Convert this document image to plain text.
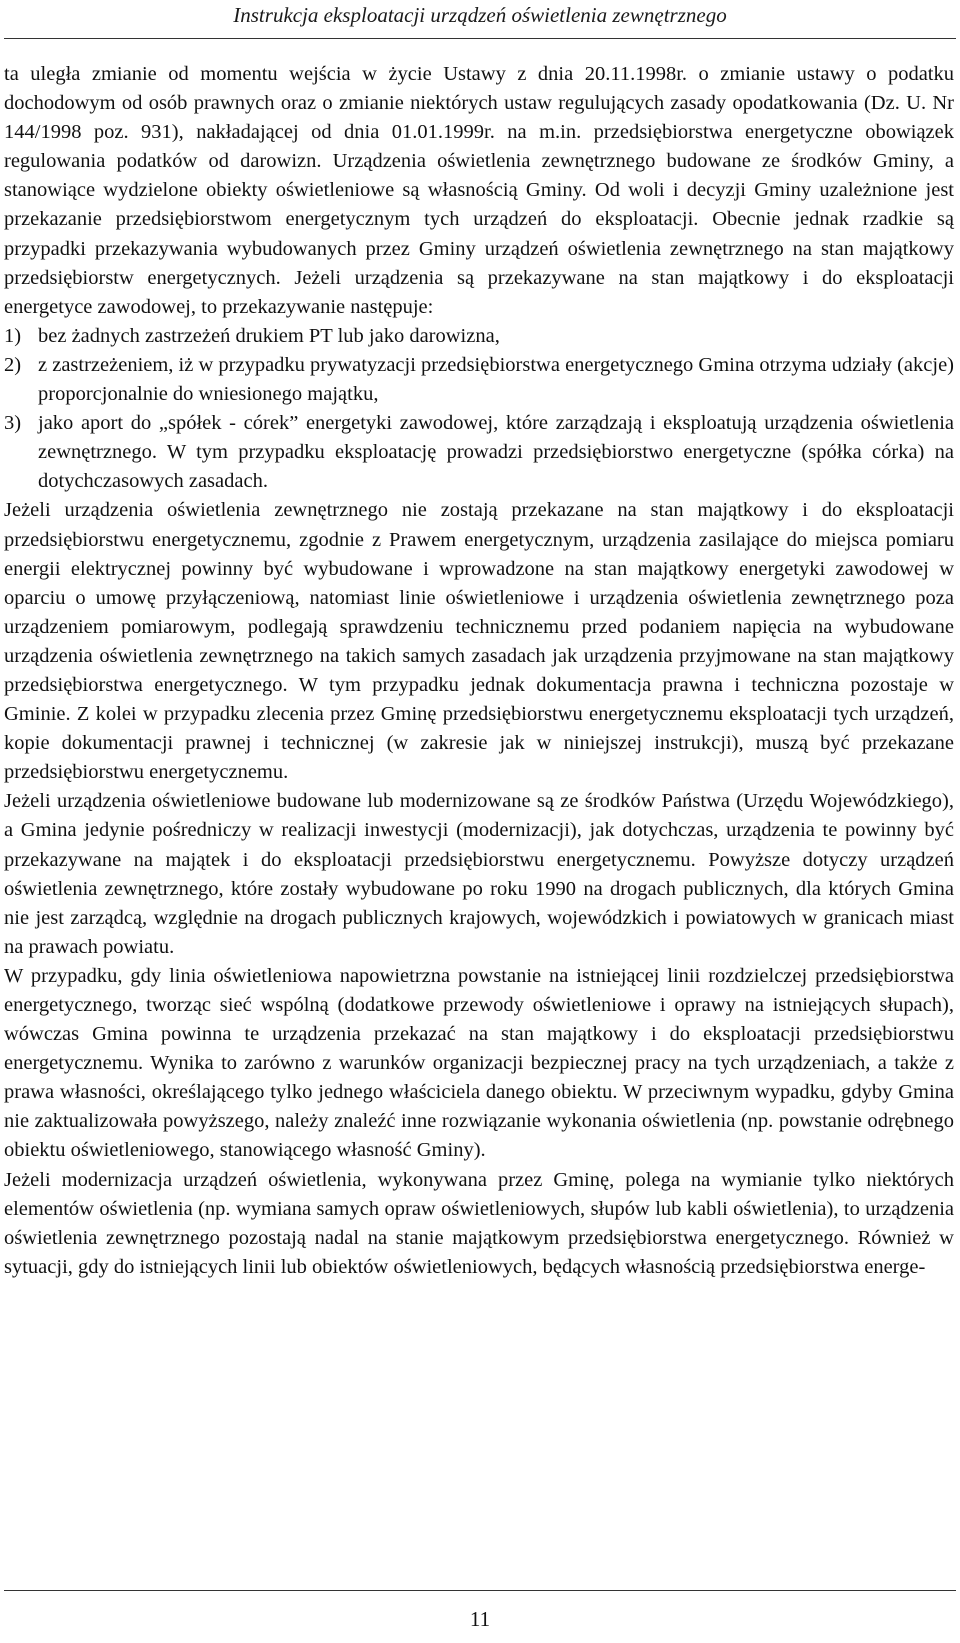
Instrukcja eksploatacji urządzeń oświetlenia zewnętrznego

ta uległa zmianie od momentu wejścia w życie Ustawy z dnia 20.11.1998r. o zmianie ustawy o podatku dochodowym od osób prawnych oraz o zmianie niektórych ustaw regulujących zasady opodatkowania (Dz. U. Nr 144/1998 poz. 931), nakładającej od dnia 01.01.1999r. na m.in. przedsiębiorstwa energetyczne obowiązek regulowania podatków od darowizn. Urządzenia oświetlenia zewnętrznego budowane ze środków Gminy, a stanowiące wydzielone obiekty oświetleniowe są własnością Gminy. Od woli i decyzji Gminy uzależnione jest przekazanie przedsiębiorstwom energetycznym tych urządzeń do eksploatacji. Obecnie jednak rzadkie są przypadki przekazywania wybudowanych przez Gminy urządzeń oświetlenia zewnętrznego na stan majątkowy przedsiębiorstw energetycznych. Jeżeli urządzenia są przekazywane na stan majątkowy i do eksploatacji energetyce zawodowej, to przekazywanie następuje:

1) bez żadnych zastrzeżeń drukiem PT lub jako darowizna,
2) z zastrzeżeniem, iż w przypadku prywatyzacji przedsiębiorstwa energetycznego Gmina otrzyma udziały (akcje) proporcjonalnie do wniesionego majątku,
3) jako aport do „spółek - córek” energetyki zawodowej, które zarządzają i eksploatują urządzenia oświetlenia zewnętrznego. W tym przypadku eksploatację prowadzi przedsiębiorstwo energetyczne (spółka córka) na dotychczasowych zasadach.

Jeżeli urządzenia oświetlenia zewnętrznego nie zostają przekazane na stan majątkowy i do eksploatacji przedsiębiorstwu energetycznemu, zgodnie z Prawem energetycznym, urządzenia zasilające do miejsca pomiaru energii elektrycznej powinny być wybudowane i wprowadzone na stan majątkowy energetyki zawodowej w oparciu o umowę przyłączeniową, natomiast linie oświetleniowe i urządzenia oświetlenia zewnętrznego poza urządzeniem pomiarowym, podlegają sprawdzeniu technicznemu przed podaniem napięcia na wybudowane urządzenia oświetlenia zewnętrznego na takich samych zasadach jak urządzenia przyjmowane na stan majątkowy przedsiębiorstwa energetycznego. W tym przypadku jednak dokumentacja prawna i techniczna pozostaje w Gminie. Z kolei w przypadku zlecenia przez Gminę przedsiębiorstwu energetycznemu eksploatacji tych urządzeń, kopie dokumentacji prawnej i technicznej (w zakresie jak w niniejszej instrukcji), muszą być przekazane przedsiębiorstwu energetycznemu.

Jeżeli urządzenia oświetleniowe budowane lub modernizowane są ze środków Państwa (Urzędu Wojewódzkiego), a Gmina jedynie pośredniczy w realizacji inwestycji (modernizacji), jak dotychczas, urządzenia te powinny być przekazywane na majątek i do eksploatacji przedsiębiorstwu energetycznemu. Powyższe dotyczy urządzeń oświetlenia zewnętrznego, które zostały wybudowane po roku 1990 na drogach publicznych, dla których Gmina nie jest zarządcą, względnie na drogach publicznych krajowych, wojewódzkich i powiatowych w granicach miast na prawach powiatu.

W przypadku, gdy linia oświetleniowa napowietrzna powstanie na istniejącej linii rozdzielczej przedsiębiorstwa energetycznego, tworząc sieć wspólną (dodatkowe przewody oświetleniowe i oprawy na istniejących słupach), wówczas Gmina powinna te urządzenia przekazać na stan majątkowy i do eksploatacji przedsiębiorstwu energetycznemu. Wynika to zarówno z warunków organizacji bezpiecznej pracy na tych urządzeniach, a także z prawa własności, określającego tylko jednego właściciela danego obiektu. W przeciwnym wypadku, gdyby Gmina nie zaktualizowała powyższego, należy znaleźć inne rozwiązanie wykonania oświetlenia (np. powstanie odrębnego obiektu oświetleniowego, stanowiącego własność Gminy).

Jeżeli modernizacja urządzeń oświetlenia, wykonywana przez Gminę, polega na wymianie tylko niektórych elementów oświetlenia (np. wymiana samych opraw oświetleniowych, słupów lub kabli oświetlenia), to urządzenia oświetlenia zewnętrznego pozostają nadal na stanie majątkowym przedsiębiorstwa energetycznego. Również w sytuacji, gdy do istniejących linii lub obiektów oświetleniowych, będących własnością przedsiębiorstwa energe-

11
